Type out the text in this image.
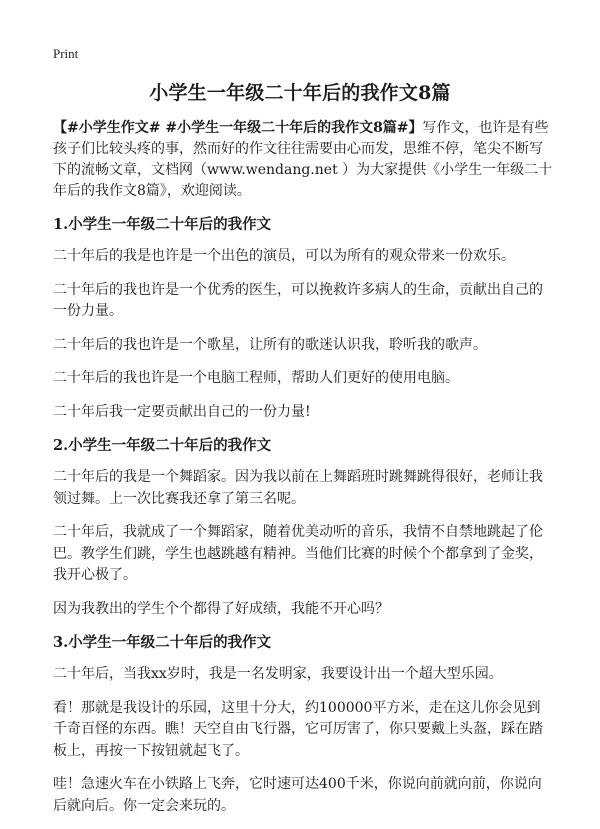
Print
小学生一年级二十年后的我作文8篇

【#小学生作文# #小学生一年级二十年后的我作文8篇#】写作文，也许是有些孩子们比较头疼的事，然而好的作文往往需要由心而发，思维不停，笔尖不断写下的流畅文章，文档网（www.wendang.net ）为大家提供《小学生一年级二十年后的我作文8篇》，欢迎阅读。

1.小学生一年级二十年后的我作文

二十年后的我是也许是一个出色的演员，可以为所有的观众带来一份欢乐。

二十年后的我也许是一个优秀的医生，可以挽救许多病人的生命，贡献出自己的一份力量。

二十年后的我也许是一个歌星，让所有的歌迷认识我，聆听我的歌声。

二十年后的我也许是一个电脑工程师，帮助人们更好的使用电脑。

二十年后我一定要贡献出自己的一份力量!

2.小学生一年级二十年后的我作文

二十年后的我是一个舞蹈家。因为我以前在上舞蹈班时跳舞跳得很好，老师让我领过舞。上一次比赛我还拿了第三名呢。

二十年后，我就成了一个舞蹈家，随着优美动听的音乐，我情不自禁地跳起了伦巴。教学生们跳，学生也越跳越有精神。当他们比赛的时候个个都拿到了金奖，我开心极了。

因为我教出的学生个个都得了好成绩，我能不开心吗？

3.小学生一年级二十年后的我作文

二十年后，当我xx岁时，我是一名发明家，我要设计出一个超大型乐园。

看！那就是我设计的乐园，这里十分大，约100000平方米，走在这儿你会见到千奇百怪的东西。瞧！天空自由飞行器，它可厉害了，你只要戴上头盔，踩在踏板上，再按一下按钮就起飞了。

哇！急速火车在小铁路上飞奔，它时速可达400千米，你说向前就向前，你说向后就向后。你一定会来玩的。
